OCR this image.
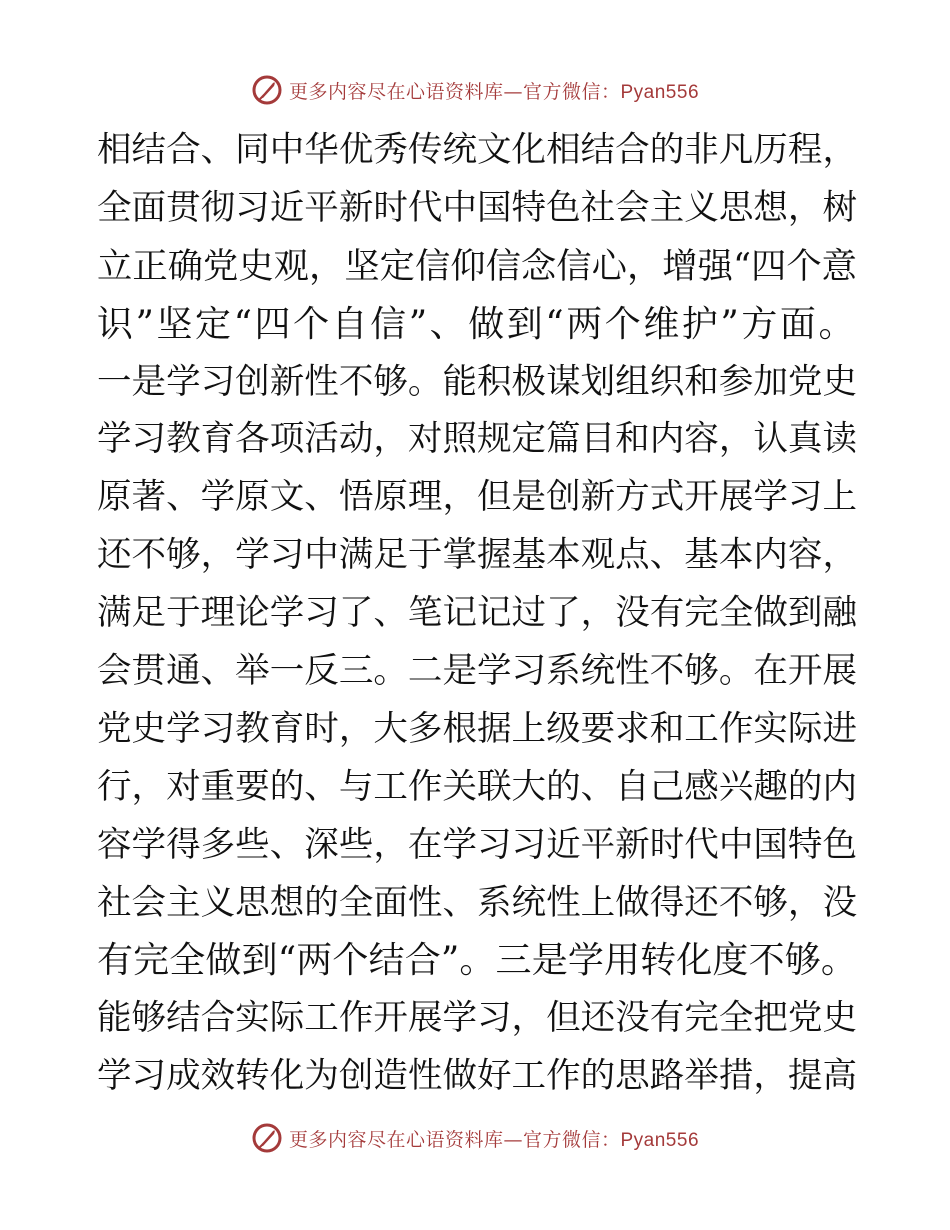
更多内容尽在心语资料库—官方微信：Pyan556
相结合、同中华优秀传统文化相结合的非凡历程，
全面贯彻习近平新时代中国特色社会主义思想，树
立正确党史观，坚定信仰信念信心，增强“四个意
识”坚定“四个自信”、做到“两个维护”方面。
一是学习创新性不够。能积极谋划组织和参加党史
学习教育各项活动，对照规定篇目和内容，认真读
原著、学原文、悟原理，但是创新方式开展学习上
还不够，学习中满足于掌握基本观点、基本内容，
满足于理论学习了、笔记记过了，没有完全做到融
会贯通、举一反三。二是学习系统性不够。在开展
党史学习教育时，大多根据上级要求和工作实际进
行，对重要的、与工作关联大的、自己感兴趣的内
容学得多些、深些，在学习习近平新时代中国特色
社会主义思想的全面性、系统性上做得还不够，没
有完全做到“两个结合”。三是学用转化度不够。
能够结合实际工作开展学习，但还没有完全把党史
学习成效转化为创造性做好工作的思路举措，提高
更多内容尽在心语资料库—官方微信：Pyan556
